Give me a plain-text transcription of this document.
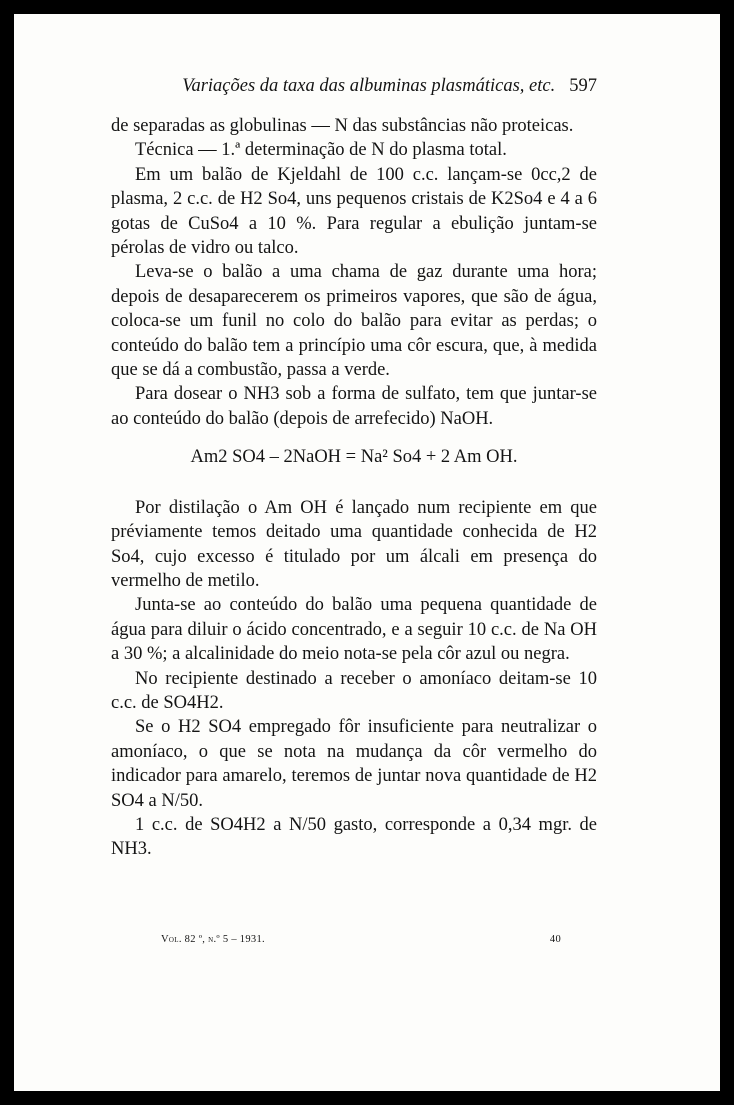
Variações da taxa das albuminas plasmáticas, etc. 597

de separadas as globulinas — N das substâncias não proteicas.

Técnica — 1.ª determinação de N do plasma total.

Em um balão de Kjeldahl de 100 c.c. lançam-se 0cc,2 de plasma, 2 c.c. de H2 So4, uns pequenos cristais de K2So4 e 4 a 6 gotas de CuSo4 a 10 %. Para regular a ebulição juntam-se pérolas de vidro ou talco.

Leva-se o balão a uma chama de gaz durante uma hora; depois de desaparecerem os primeiros vapores, que são de água, coloca-se um funil no colo do balão para evitar as perdas; o conteúdo do balão tem a princípio uma côr escura, que, à medida que se dá a combustão, passa a verde.

Para dosear o NH3 sob a forma de sulfato, tem que juntar-se ao conteúdo do balão (depois de arrefecido) NaOH.

Am2 SO4 – 2NaOH = Na² So4 + 2 Am OH.

Por distilação o Am OH é lançado num recipiente em que préviamente temos deitado uma quantidade conhecida de H2 So4, cujo excesso é titulado por um álcali em presença do vermelho de metilo.

Junta-se ao conteúdo do balão uma pequena quantidade de água para diluir o ácido concentrado, e a seguir 10 c.c. de Na OH a 30 %; a alcalinidade do meio nota-se pela côr azul ou negra.

No recipiente destinado a receber o amoníaco deitam-se 10 c.c. de SO4H2.

Se o H2 SO4 empregado fôr insuficiente para neutralizar o amoníaco, o que se nota na mudança da côr vermelho do indicador para amarelo, teremos de juntar nova quantidade de H2 SO4 a N/50.

1 c.c. de SO4H2 a N/50 gasto, corresponde a 0,34 mgr. de NH3.

Vol. 82 º, n.º 5 – 1931.	40
